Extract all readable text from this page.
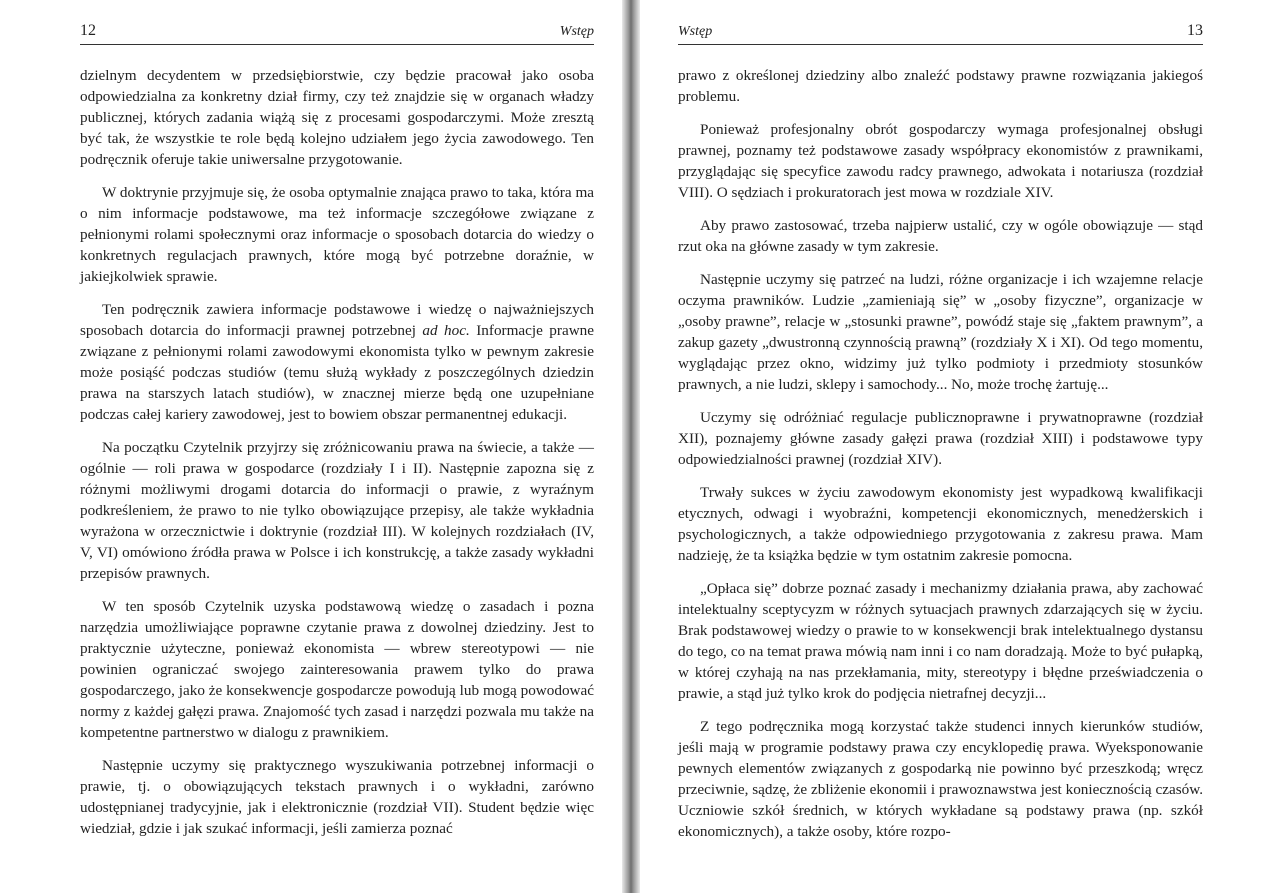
12	Wstęp

dzielnym decydentem w przedsiębiorstwie, czy będzie pracował jako osoba odpowiedzialna za konkretny dział firmy, czy też znajdzie się w organach władzy publicznej, których zadania wiążą się z procesami gospodarczymi. Może zresztą być tak, że wszystkie te role będą kolejno udziałem jego życia zawodowego. Ten podręcznik oferuje takie uniwersalne przygotowanie.

W doktrynie przyjmuje się, że osoba optymalnie znająca prawo to taka, która ma o nim informacje podstawowe, ma też informacje szczegółowe związane z pełnionymi rolami społecznymi oraz informacje o sposobach dotarcia do wiedzy o konkretnych regulacjach prawnych, które mogą być potrzebne doraźnie, w jakiejkolwiek sprawie.

Ten podręcznik zawiera informacje podstawowe i wiedzę o najważniejszych sposobach dotarcia do informacji prawnej potrzebnej ad hoc. Informacje prawne związane z pełnionymi rolami zawodowymi ekonomista tylko w pewnym zakresie może posiąść podczas studiów (temu służą wykłady z poszczególnych dziedzin prawa na starszych latach studiów), w znacznej mierze będą one uzupełniane podczas całej kariery zawodowej, jest to bowiem obszar permanentnej edukacji.

Na początku Czytelnik przyjrzy się zróżnicowaniu prawa na świecie, a także — ogólnie — roli prawa w gospodarce (rozdziały I i II). Następnie zapozna się z różnymi możliwymi drogami dotarcia do informacji o prawie, z wyraźnym podkreśleniem, że prawo to nie tylko obowiązujące przepisy, ale także wykładnia wyrażona w orzecznictwie i doktrynie (rozdział III). W kolejnych rozdziałach (IV, V, VI) omówiono źródła prawa w Polsce i ich konstrukcję, a także zasady wykładni przepisów prawnych.

W ten sposób Czytelnik uzyska podstawową wiedzę o zasadach i pozna narzędzia umożliwiające poprawne czytanie prawa z dowolnej dziedziny. Jest to praktycznie użyteczne, ponieważ ekonomista — wbrew stereotypowi — nie powinien ograniczać swojego zainteresowania prawem tylko do prawa gospodarczego, jako że konsekwencje gospodarcze powodują lub mogą powodować normy z każdej gałęzi prawa. Znajomość tych zasad i narzędzi pozwala mu także na kompetentne partnerstwo w dialogu z prawnikiem.

Następnie uczymy się praktycznego wyszukiwania potrzebnej informacji o prawie, tj. o obowiązujących tekstach prawnych i o wykładni, zarówno udostępnianej tradycyjnie, jak i elektronicznie (rozdział VII). Student będzie więc wiedział, gdzie i jak szukać informacji, jeśli zamierza poznać

Wstęp	13

prawo z określonej dziedziny albo znaleźć podstawy prawne rozwiązania jakiegoś problemu.

Ponieważ profesjonalny obrót gospodarczy wymaga profesjonalnej obsługi prawnej, poznamy też podstawowe zasady współpracy ekonomistów z prawnikami, przyglądając się specyfice zawodu radcy prawnego, adwokata i notariusza (rozdział VIII). O sędziach i prokuratorach jest mowa w rozdziale XIV.

Aby prawo zastosować, trzeba najpierw ustalić, czy w ogóle obowiązuje — stąd rzut oka na główne zasady w tym zakresie.

Następnie uczymy się patrzeć na ludzi, różne organizacje i ich wzajemne relacje oczyma prawników. Ludzie „zamieniają się” w „osoby fizyczne”, organizacje w „osoby prawne”, relacje w „stosunki prawne”, powódź staje się „faktem prawnym”, a zakup gazety „dwustronną czynnością prawną” (rozdziały X i XI). Od tego momentu, wyglądając przez okno, widzimy już tylko podmioty i przedmioty stosunków prawnych, a nie ludzi, sklepy i samochody... No, może trochę żartuję...

Uczymy się odróżniać regulacje publicznoprawne i prywatnoprawne (rozdział XII), poznajemy główne zasady gałęzi prawa (rozdział XIII) i podstawowe typy odpowiedzialności prawnej (rozdział XIV).

Trwały sukces w życiu zawodowym ekonomisty jest wypadkową kwalifikacji etycznych, odwagi i wyobraźni, kompetencji ekonomicznych, menedżerskich i psychologicznych, a także odpowiedniego przygotowania z zakresu prawa. Mam nadzieję, że ta książka będzie w tym ostatnim zakresie pomocna.

„Opłaca się” dobrze poznać zasady i mechanizmy działania prawa, aby zachować intelektualny sceptycyzm w różnych sytuacjach prawnych zdarzających się w życiu. Brak podstawowej wiedzy o prawie to w konsekwencji brak intelektualnego dystansu do tego, co na temat prawa mówią nam inni i co nam doradzają. Może to być pułapką, w której czyhają na nas przekłamania, mity, stereotypy i błędne przeświadczenia o prawie, a stąd już tylko krok do podjęcia nietrafnej decyzji...

Z tego podręcznika mogą korzystać także studenci innych kierunków studiów, jeśli mają w programie podstawy prawa czy encyklopedię prawa. Wyeksponowanie pewnych elementów związanych z gospodarką nie powinno być przeszkodą; wręcz przeciwnie, sądzę, że zbliżenie ekonomii i prawoznawstwa jest koniecznością czasów. Uczniowie szkół średnich, w których wykładane są podstawy prawa (np. szkół ekonomicznych), a także osoby, które rozpo-
